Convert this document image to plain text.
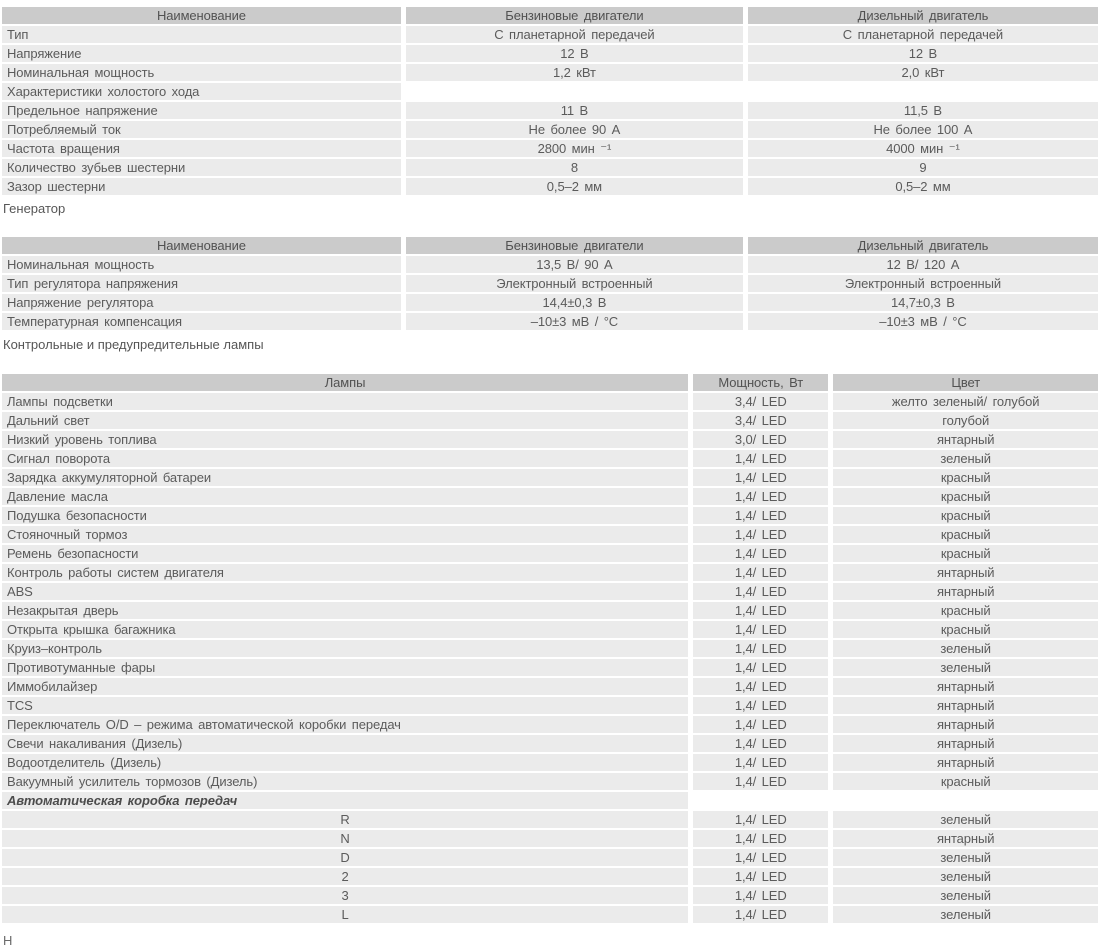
Наименование	Бензиновые двигатели	Дизельный двигатель
Тип	С планетарной передачей	С планетарной передачей
Напряжение	12 В	12 В
Номинальная мощность	1,2 кВт	2,0 кВт
Характеристики холостого хода		
Предельное напряжение	11 В	11,5 В
Потребляемый ток	Не более 90 А	Не более 100 А
Частота вращения	2800 мин ⁻¹	4000 мин ⁻¹
Количество зубьев шестерни	8	9
Зазор шестерни	0,5–2 мм	0,5–2 мм
Генератор
Наименование	Бензиновые двигатели	Дизельный двигатель
Номинальная мощность	13,5 В/ 90 А	12 В/ 120 А
Тип регулятора напряжения	Электронный встроенный	Электронный встроенный
Напряжение регулятора	14,4±0,3 В	14,7±0,3 В
Температурная компенсация	–10±3 мВ / °С	–10±3 мВ / °С
Контрольные и предупредительные лампы
Лампы	Мощность, Вт	Цвет
Лампы подсветки	3,4/ LED	желто зеленый/ голубой
Дальний свет	3,4/ LED	голубой
Низкий уровень топлива	3,0/ LED	янтарный
Сигнал поворота	1,4/ LED	зеленый
Зарядка аккумуляторной батареи	1,4/ LED	красный
Давление масла	1,4/ LED	красный
Подушка безопасности	1,4/ LED	красный
Стояночный тормоз	1,4/ LED	красный
Ремень безопасности	1,4/ LED	красный
Контроль работы систем двигателя	1,4/ LED	янтарный
ABS	1,4/ LED	янтарный
Незакрытая дверь	1,4/ LED	красный
Открыта крышка багажника	1,4/ LED	красный
Круиз–контроль	1,4/ LED	зеленый
Противотуманные фары	1,4/ LED	зеленый
Иммобилайзер	1,4/ LED	янтарный
TCS	1,4/ LED	янтарный
Переключатель O/D – режима автоматической коробки передач	1,4/ LED	янтарный
Свечи накаливания (Дизель)	1,4/ LED	янтарный
Водоотделитель (Дизель)	1,4/ LED	янтарный
Вакуумный усилитель тормозов (Дизель)	1,4/ LED	красный
Автоматическая коробка передач		
R	1,4/ LED	зеленый
N	1,4/ LED	янтарный
D	1,4/ LED	зеленый
2	1,4/ LED	зеленый
3	1,4/ LED	зеленый
L	1,4/ LED	зеленый
Н
